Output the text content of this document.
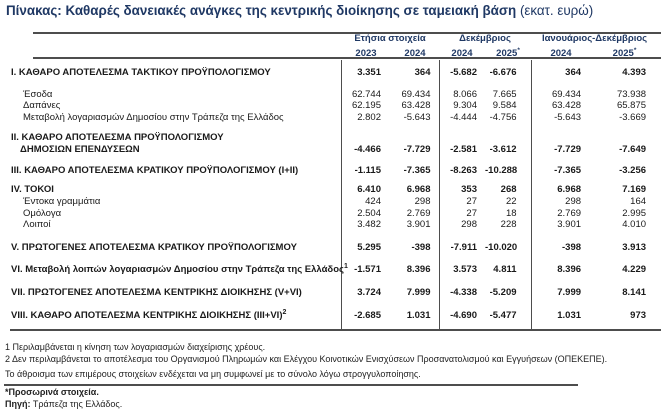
Πίνακας: Καθαρές δανειακές ανάγκες της κεντρικής διοίκησης σε ταμειακή βάση (εκατ. ευρώ)
	Ετήσια στοιχεία		Δεκέμβριος		Ιανουάριος-Δεκέμβριος	
	2023	2024	2024	2025*	2024	2025*

I. ΚΑΘΑΡΟ ΑΠΟΤΕΛΕΣΜΑ ΤΑΚΤΙΚΟΥ ΠΡΟΫΠΟΛΟΓΙΣΜΟΥ	3.351	364	-5.682	-6.676	364	4.393

Έσοδα	62.744	69.434	8.066	7.665	69.434	73.938
Δαπάνες	62.195	63.428	9.304	9.584	63.428	65.875
Μεταβολή λογαριασμών Δημοσίου στην Τράπεζα της Ελλάδος	2.802	-5.643	-4.444	-4.756	-5.643	-3.669

II. ΚΑΘΑΡΟ ΑΠΟΤΕΛΕΣΜΑ ΠΡΟΫΠΟΛΟΓΙΣΜΟΥ
ΔΗΜΟΣΙΩΝ ΕΠΕΝΔΥΣΕΩΝ	-4.466	-7.729	-2.581	-3.612	-7.729	-7.649

III. ΚΑΘΑΡΟ ΑΠΟΤΕΛΕΣΜΑ ΚΡΑΤΙΚΟΥ ΠΡΟΫΠΟΛΟΓΙΣΜΟΥ (I+II)	-1.115	-7.365	-8.263	-10.288	-7.365	-3.256

IV. ΤΟΚΟΙ	6.410	6.968	353	268	6.968	7.169
Έντοκα γραμμάτια	424	298	27	22	298	164
Ομόλογα	2.504	2.769	27	18	2.769	2.995
Λοιποί	3.482	3.901	298	228	3.901	4.010

V. ΠΡΩΤΟΓΕΝΕΣ ΑΠΟΤΕΛΕΣΜΑ ΚΡΑΤΙΚΟΥ ΠΡΟΫΠΟΛΟΓΙΣΜΟΥ	5.295	-398	-7.911	-10.020	-398	3.913

VI. Μεταβολή λοιπών λογαριασμών Δημοσίου στην Τράπεζα της Ελλάδος$^1$	-1.571	8.396	3.573	4.811	8.396	4.229

VII. ΠΡΩΤΟΓΕΝΕΣ ΑΠΟΤΕΛΕΣΜΑ ΚΕΝΤΡΙΚΗΣ ΔΙΟΙΚΗΣΗΣ (V+VI)	3.724	7.999	-4.338	-5.209	7.999	8.141

VIII. ΚΑΘΑΡΟ ΑΠΟΤΕΛΕΣΜΑ ΚΕΝΤΡΙΚΗΣ ΔΙΟΙΚΗΣΗΣ $(III+VI)^2$	-2.685	1.031	-4.690	-5.477	1.031	973

1 Περιλαμβάνεται η κίνηση των λογαριασμών διαχείρισης χρέους.
2 Δεν περιλαμβάνεται το αποτέλεσμα του Οργανισμού Πληρωμών και Ελέγχου Κοινοτικών Ενισχύσεων Προσανατολισμού και Εγγυήσεων (ΟΠΕΚΕΠΕ).
Το άθροισμα των επιμέρους στοιχείων ενδέχεται να μη συμφωνεί με το σύνολο λόγω στρογγυλοποίησης.
*Προσωρινά στοιχεία.
Πηγή: Τράπεζα της Ελλάδος.
